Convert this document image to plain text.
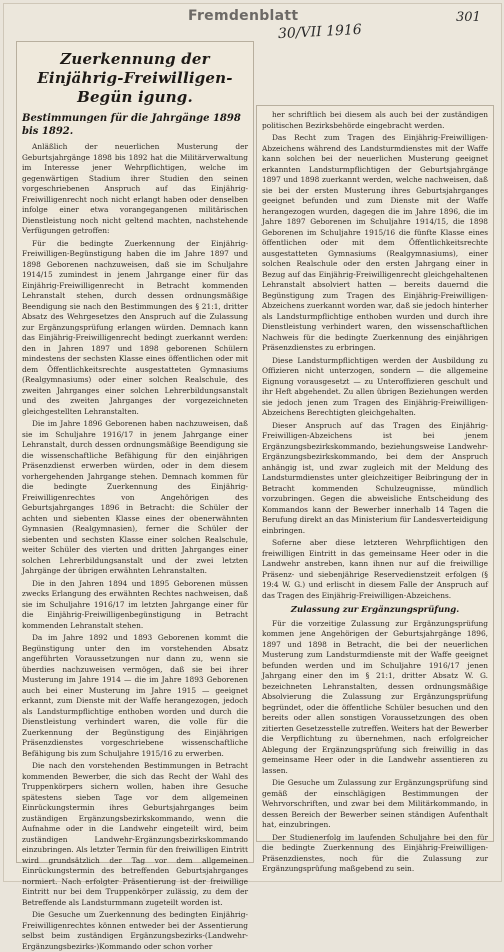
Fremdenblatt
30/VII 1916
301
Zuerkennung der Einjährig-Freiwilligen-Begün igung.
Bestimmungen für die Jahrgänge 1898 bis 1892.

Anläßlich der neuerlichen Musterung der Geburtsjahrgänge 1898 bis 1892 hat die Militärverwaltung im Interesse jener Wehrpflichtigen, welche im gegenwärtigen Stadium ihrer Studien den seinen vorgeschriebenen Anspruch auf das Einjährig-Freiwilligenrecht noch nicht erlangt haben oder denselben infolge einer etwa vorangegangenen militärischen Dienstleistung noch nicht geltend machten, nachstehende Verfügungen getroffen:

Für die bedingte Zuerkennung der Einjährig-Freiwilligen-Begünstigung haben die im Jahre 1897 und 1898 Geborenen nachzuweisen, daß sie im Schuljahre 1914/15 zumindest in jenem Jahrgange einer für das Einjährig-Freiwilligenrecht in Betracht kommenden Lehranstalt stehen, durch dessen ordnungsmäßige Beendigung sie nach den Bestimmungen des § 21:1, dritter Absatz des Wehrgesetzes den Anspruch auf die Zulassung zur Ergänzungsprüfung erlangen würden. Demnach kann das Einjährig-Freiwilligenrecht bedingt zuerkannt werden: den in Jahren 1897 und 1898 geborenen Schülern mindestens der sechsten Klasse eines öffentlichen oder mit dem Öffentlichkeitsrechte ausgestatteten Gymnasiums (Realgymnasiums) oder einer solchen Realschule, des zweiten Jahrganges einer solchen Lehrerbildungsanstalt und des zweiten Jahrganges der vorgezeichneten gleichgestellten Lehranstalten.

Die im Jahre 1896 Geborenen haben nachzuweisen, daß sie im Schuljahre 1916/17 in jenem Jahrgange einer Lehranstalt, durch dessen ordnungsmäßige Beendigung sie die wissenschaftliche Befähigung für den einjährigen Präsenzdienst erwerben würden, oder in dem diesem vorhergehenden Jahrgange stehen. Demnach kommen für die bedingte Zuerkennung des Einjährig-Freiwilligenrechtes von Angehörigen des Geburtsjahrganges 1896 in Betracht: die Schüler der achten und siebenten Klasse eines der obenerwähnten Gymnasien (Realgymnasien), ferner die Schüler der siebenten und sechsten Klasse einer solchen Realschule, weiter Schüler des vierten und dritten Jahrganges einer solchen Lehrerbildungsanstalt und der zwei letzten Jahrgänge der übrigen erwähnten Lehranstalten.

Die in den Jahren 1894 und 1895 Geborenen müssen zwecks Erlangung des erwähnten Rechtes nachweisen, daß sie im Schuljahre 1916/17 im letzten Jahrgange einer für die Einjährig-Freiwilligenbegünstigung in Betracht kommenden Lehranstalt stehen.

Da im Jahre 1892 und 1893 Geborenen kommt die Begünstigung unter den im vorstehenden Absatz angeführten Voraussetzungen nur dann zu, wenn sie überdies nachzuweisen vermögen, daß sie bei ihrer Musterung im Jahre 1914 — die im Jahre 1893 Geborenen auch bei einer Musterung im Jahre 1915 — geeignet erkannt, zum Dienste mit der Waffe herangezogen, jedoch als Landsturmpflichtige enthoben worden und durch die Dienstleistung verhindert waren, die volle für die Zuerkennung der Begünstigung des Einjährigen Präsenzdienstes vorgeschriebene wissenschaftliche Befähigung bis zum Schuljahre 1915/16 zu erwerben.

Die nach den vorstehenden Bestimmungen in Betracht kommenden Bewerber, die sich das Recht der Wahl des Truppenkörpers sichern wollen, haben ihre Gesuche spätestens sieben Tage vor dem allgemeinen Einrückungstermin ihres Geburtsjahrganges beim zuständigen Ergänzungsbezirkskommando, wenn die Aufnahme oder in die Landwehr eingeteilt wird, beim zuständigen Landwehr-Ergänzungsbezirkskommando einzubringen. Als letzter Termin für den freiwilligen Eintritt wird grundsätzlich der Tag vor dem allgemeinen Einrückungstermin des betreffenden Geburtsjahrganges normiert. Nach erfolgter Präsentierung ist der freiwillige Eintritt nur bei dem Truppenkörper zulässig, zu dem der Betreffende als Landsturmmann zugeteilt worden ist.

Die Gesuche um Zuerkennung des bedingten Einjährig-Freiwilligenrechtes können entweder bei der Assentierung selbst beim zuständigen Ergänzungsbezirks-(Landwehr-Ergänzungsbezirks-)Kommando oder schon vorher

her schriftlich bei diesem als auch bei der zuständigen politischen Bezirksbehörde eingebracht werden.

Das Recht zum Tragen des Einjährig-Freiwilligen-Abzeichens während des Landsturmdienstes mit der Waffe kann solchen bei der neuerlichen Musterung geeignet erkannten Landsturmpflichtigen der Geburtsjahrgänge 1897 und 1898 zuerkannt werden, welche nachweisen, daß sie bei der ersten Musterung ihres Geburtsjahrganges geeignet befunden und zum Dienste mit der Waffe herangezogen wurden, dagegen die im Jahre 1896, die im Jahre 1897 Geborenen im Schuljahre 1914/15, die 1898 Geborenen im Schuljahre 1915/16 die fünfte Klasse eines öffentlichen oder mit dem Öffentlichkeitsrechte ausgestatteten Gymnasiums (Realgymnasiums), einer solchen Realschule oder den ersten Jahrgang einer in Bezug auf das Einjährig-Freiwilligenrecht gleichgehaltenen Lehranstalt absolviert hatten — bereits dauernd die Begünstigung zum Tragen des Einjährig-Freiwilligen-Abzeichens zuerkannt worden war, daß sie jedoch hinterher als Landsturmpflichtige enthoben wurden und durch ihre Dienstleistung verhindert waren, den wissenschaftlichen Nachweis für die bedingte Zuerkennung des einjährigen Präsenzdienstes zu erbringen.

Diese Landsturmpflichtigen werden der Ausbildung zu Offizieren nicht unterzogen, sondern — die allgemeine Eignung vorausgesetzt — zu Unteroffizieren geschult und ihr Heft abgehendet. Zu allen übrigen Beziehungen werden sie jedoch jenen zum Tragen des Einjährig-Freiwilligen-Abzeichens Berechtigten gleichgehalten.

Dieser Anspruch auf das Tragen des Einjährig-Freiwilligen-Abzeichens ist bei jenem Ergänzungsbezirkskommando, beziehungsweise Landwehr-Ergänzungsbezirkskommando, bei dem der Anspruch anhängig ist, und zwar zugleich mit der Meldung des Landsturmdienstes unter gleichzeitiger Beibringung der in Betracht kommenden Schulzeugnisse, mündlich vorzubringen. Gegen die abweisliche Entscheidung des Kommandos kann der Bewerber innerhalb 14 Tagen die Berufung direkt an das Ministerium für Landesverteidigung einbringen.

Soferne aber diese letzteren Wehrpflichtigen den freiwilligen Eintritt in das gemeinsame Heer oder in die Landwehr anstreben, kann ihnen nur auf die freiwillige Präsenz- und siebenjährige Reservedienstzeit erfolgen (§ 19:4 W. G.) und erlischt in diesem Falle der Anspruch auf das Tragen des Einjährig-Freiwilligen-Abzeichens.

Zulassung zur Ergänzungsprüfung.

Für die vorzeitige Zulassung zur Ergänzungsprüfung kommen jene Angehörigen der Geburtsjahrgänge 1896, 1897 und 1898 in Betracht, die bei der neuerlichen Musterung zum Landsturmdienste mit der Waffe geeignet befunden werden und im Schuljahre 1916/17 jenen Jahrgang einer den im § 21:1, dritter Absatz W. G. bezeichneten Lehranstalten, dessen ordnungsmäßige Absolvierung die Zulassung zur Ergänzungsprüfung begründet, oder die öffentliche Schüler besuchen und den bereits oder allen sonstigen Voraussetzungen des oben zitierten Gesetzesstelle zutreffen. Weiters hat der Bewerber die Verpflichtung zu übernehmen, nach erfolgreicher Ablegung der Ergänzungsprüfung sich freiwillig in das gemeinsame Heer oder in die Landwehr assentieren zu lassen.

Die Gesuche um Zulassung zur Ergänzungsprüfung sind gemäß der einschlägigen Bestimmungen der Wehrvorschriften, und zwar bei dem Militärkommando, in dessen Bereich der Bewerber seinen ständigen Aufenthalt hat, einzubringen.

Der Studienerfolg im laufenden Schuljahre bei den für die bedingte Zuerkennung des Einjährig-Freiwilligen-Präsenzdienstes, noch für die Zulassung zur Ergänzungsprüfung maßgebend zu sein.
